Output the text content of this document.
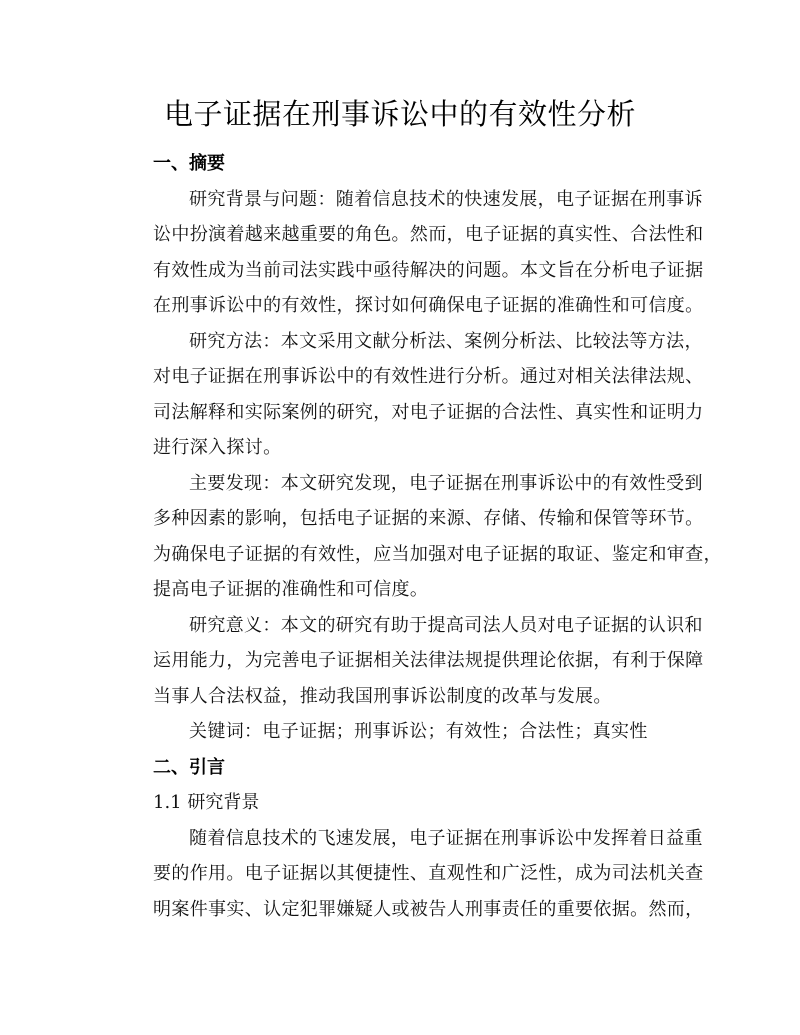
电子证据在刑事诉讼中的有效性分析
一、摘要

研究背景与问题：随着信息技术的快速发展，电子证据在刑事诉
讼中扮演着越来越重要的角色。然而，电子证据的真实性、合法性和
有效性成为当前司法实践中亟待解决的问题。本文旨在分析电子证据
在刑事诉讼中的有效性，探讨如何确保电子证据的准确性和可信度。

研究方法：本文采用文献分析法、案例分析法、比较法等方法，
对电子证据在刑事诉讼中的有效性进行分析。通过对相关法律法规、
司法解释和实际案例的研究，对电子证据的合法性、真实性和证明力
进行深入探讨。

主要发现：本文研究发现，电子证据在刑事诉讼中的有效性受到
多种因素的影响，包括电子证据的来源、存储、传输和保管等环节。
为确保电子证据的有效性，应当加强对电子证据的取证、鉴定和审查，
提高电子证据的准确性和可信度。

研究意义：本文的研究有助于提高司法人员对电子证据的认识和
运用能力，为完善电子证据相关法律法规提供理论依据，有利于保障
当事人合法权益，推动我国刑事诉讼制度的改革与发展。

关键词：电子证据；刑事诉讼；有效性；合法性；真实性

二、引言
1.1 研究背景

随着信息技术的飞速发展，电子证据在刑事诉讼中发挥着日益重
要的作用。电子证据以其便捷性、直观性和广泛性，成为司法机关查
明案件事实、认定犯罪嫌疑人或被告人刑事责任的重要依据。然而，
